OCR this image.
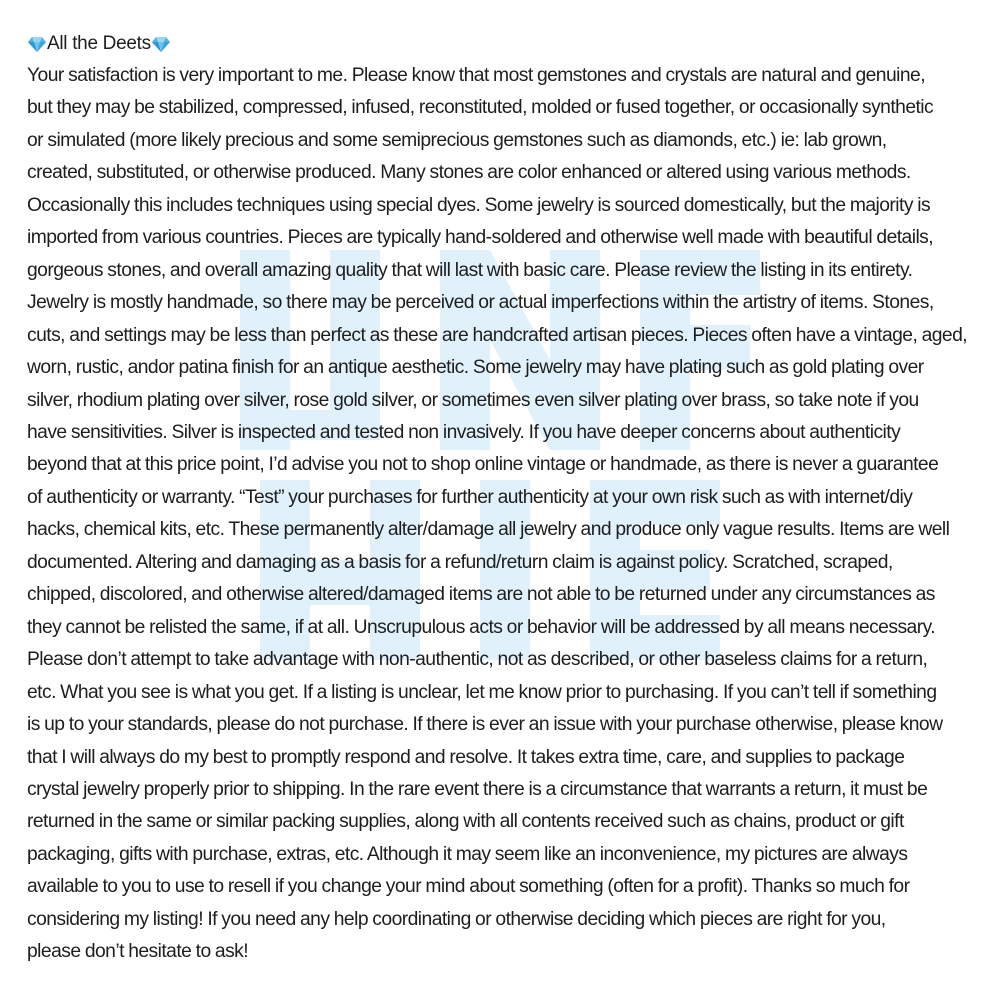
All the Deets

Your satisfaction is very important to me. Please know that most gemstones and crystals are natural and genuine,
but they may be stabilized, compressed, infused, reconstituted, molded or fused together, or occasionally synthetic
or simulated (more likely precious and some semiprecious gemstones such as diamonds, etc.) ie: lab grown,
created, substituted, or otherwise produced. Many stones are color enhanced or altered using various methods.
Occasionally this includes techniques using special dyes. Some jewelry is sourced domestically, but the majority is
imported from various countries. Pieces are typically hand-soldered and otherwise well made with beautiful details,
gorgeous stones, and overall amazing quality that will last with basic care. Please review the listing in its entirety.
Jewelry is mostly handmade, so there may be perceived or actual imperfections within the artistry of items. Stones,
cuts, and settings may be less than perfect as these are handcrafted artisan pieces. Pieces often have a vintage, aged,
worn, rustic, andor patina finish for an antique aesthetic. Some jewelry may have plating such as gold plating over
silver, rhodium plating over silver, rose gold silver, or sometimes even silver plating over brass, so take note if you
have sensitivities. Silver is inspected and tested non invasively. If you have deeper concerns about authenticity
beyond that at this price point, I’d advise you not to shop online vintage or handmade, as there is never a guarantee
of authenticity or warranty. “Test” your purchases for further authenticity at your own risk such as with internet/diy
hacks, chemical kits, etc. These permanently alter/damage all jewelry and produce only vague results. Items are well
documented. Altering and damaging as a basis for a refund/return claim is against policy. Scratched, scraped,
chipped, discolored, and otherwise altered/damaged items are not able to be returned under any circumstances as
they cannot be relisted the same, if at all. Unscrupulous acts or behavior will be addressed by all means necessary.
Please don’t attempt to take advantage with non-authentic, not as described, or other baseless claims for a return,
etc. What you see is what you get. If a listing is unclear, let me know prior to purchasing. If you can’t tell if something
is up to your standards, please do not purchase. If there is ever an issue with your purchase otherwise, please know
that I will always do my best to promptly respond and resolve. It takes extra time, care, and supplies to package
crystal jewelry properly prior to shipping. In the rare event there is a circumstance that warrants a return, it must be
returned in the same or similar packing supplies, along with all contents received such as chains, product or gift
packaging, gifts with purchase, extras, etc. Although it may seem like an inconvenience, my pictures are always
available to you to use to resell if you change your mind about something (often for a profit). Thanks so much for
considering my listing! If you need any help coordinating or otherwise deciding which pieces are right for you,
please don’t hesitate to ask!
